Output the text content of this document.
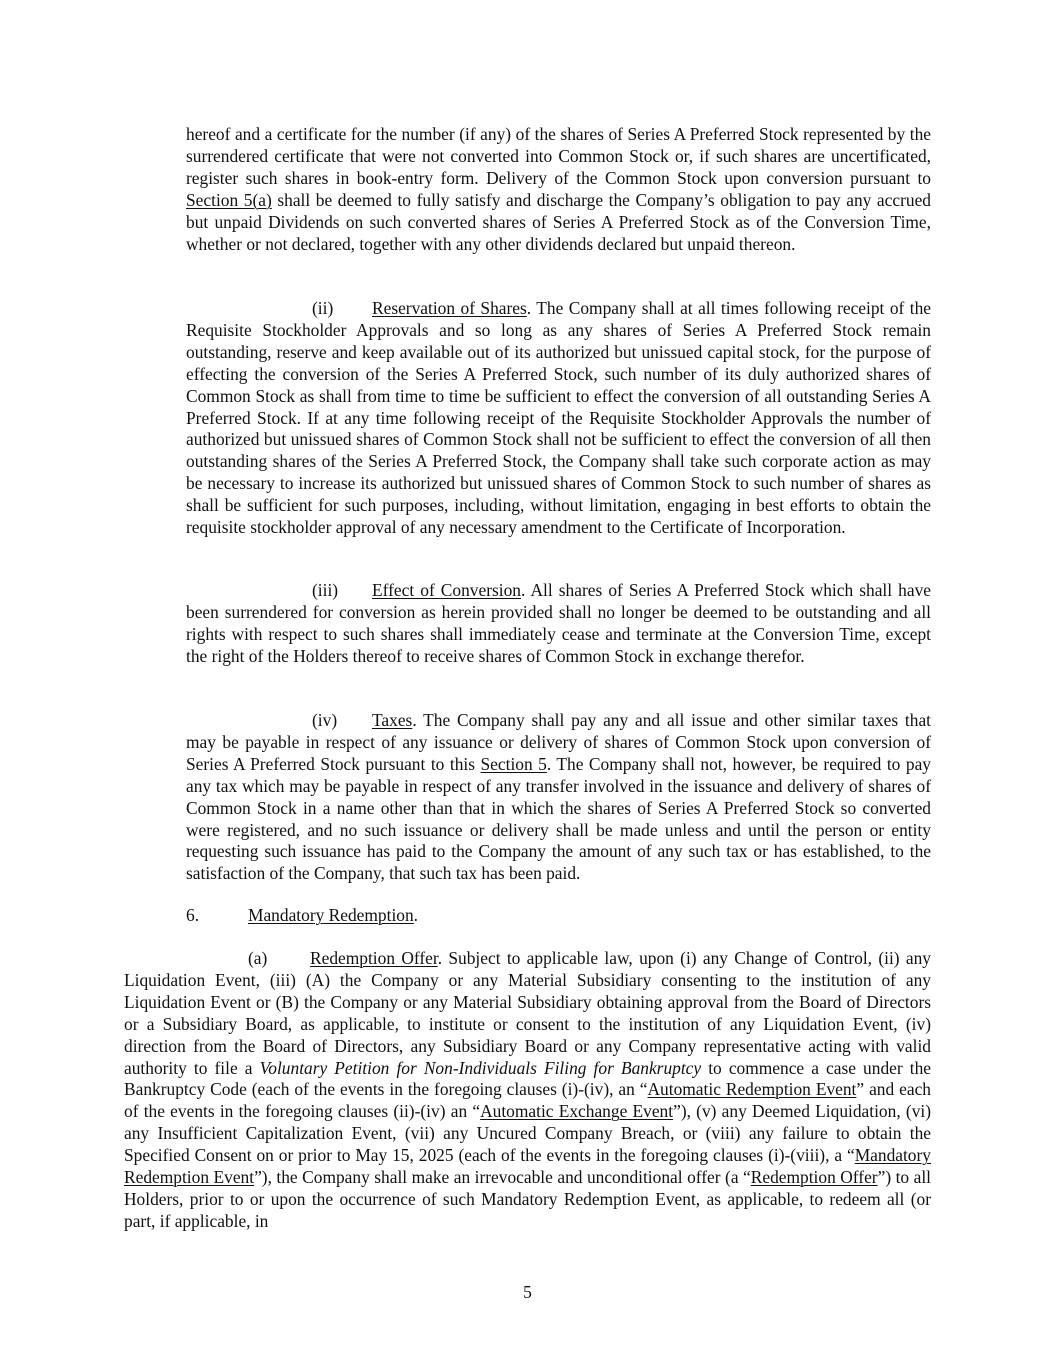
hereof and a certificate for the number (if any) of the shares of Series A Preferred Stock represented by the surrendered certificate that were not converted into Common Stock or, if such shares are uncertificated, register such shares in book-entry form. Delivery of the Common Stock upon conversion pursuant to Section 5(a) shall be deemed to fully satisfy and discharge the Company’s obligation to pay any accrued but unpaid Dividends on such converted shares of Series A Preferred Stock as of the Conversion Time, whether or not declared, together with any other dividends declared but unpaid thereon.

(ii) Reservation of Shares. The Company shall at all times following receipt of the Requisite Stockholder Approvals and so long as any shares of Series A Preferred Stock remain outstanding, reserve and keep available out of its authorized but unissued capital stock, for the purpose of effecting the conversion of the Series A Preferred Stock, such number of its duly authorized shares of Common Stock as shall from time to time be sufficient to effect the conversion of all outstanding Series A Preferred Stock. If at any time following receipt of the Requisite Stockholder Approvals the number of authorized but unissued shares of Common Stock shall not be sufficient to effect the conversion of all then outstanding shares of the Series A Preferred Stock, the Company shall take such corporate action as may be necessary to increase its authorized but unissued shares of Common Stock to such number of shares as shall be sufficient for such purposes, including, without limitation, engaging in best efforts to obtain the requisite stockholder approval of any necessary amendment to the Certificate of Incorporation.

(iii) Effect of Conversion. All shares of Series A Preferred Stock which shall have been surrendered for conversion as herein provided shall no longer be deemed to be outstanding and all rights with respect to such shares shall immediately cease and terminate at the Conversion Time, except the right of the Holders thereof to receive shares of Common Stock in exchange therefor.

(iv) Taxes. The Company shall pay any and all issue and other similar taxes that may be payable in respect of any issuance or delivery of shares of Common Stock upon conversion of Series A Preferred Stock pursuant to this Section 5. The Company shall not, however, be required to pay any tax which may be payable in respect of any transfer involved in the issuance and delivery of shares of Common Stock in a name other than that in which the shares of Series A Preferred Stock so converted were registered, and no such issuance or delivery shall be made unless and until the person or entity requesting such issuance has paid to the Company the amount of any such tax or has established, to the satisfaction of the Company, that such tax has been paid.

6.	Mandatory Redemption.

(a) Redemption Offer. Subject to applicable law, upon (i) any Change of Control, (ii) any Liquidation Event, (iii) (A) the Company or any Material Subsidiary consenting to the institution of any Liquidation Event or (B) the Company or any Material Subsidiary obtaining approval from the Board of Directors or a Subsidiary Board, as applicable, to institute or consent to the institution of any Liquidation Event, (iv) direction from the Board of Directors, any Subsidiary Board or any Company representative acting with valid authority to file a Voluntary Petition for Non-Individuals Filing for Bankruptcy to commence a case under the Bankruptcy Code (each of the events in the foregoing clauses (i)-(iv), an “Automatic Redemption Event” and each of the events in the foregoing clauses (ii)-(iv) an “Automatic Exchange Event”), (v) any Deemed Liquidation, (vi) any Insufficient Capitalization Event, (vii) any Uncured Company Breach, or (viii) any failure to obtain the Specified Consent on or prior to May 15, 2025 (each of the events in the foregoing clauses (i)-(viii), a “Mandatory Redemption Event”), the Company shall make an irrevocable and unconditional offer (a “Redemption Offer”) to all Holders, prior to or upon the occurrence of such Mandatory Redemption Event, as applicable, to redeem all (or part, if applicable, in

5
